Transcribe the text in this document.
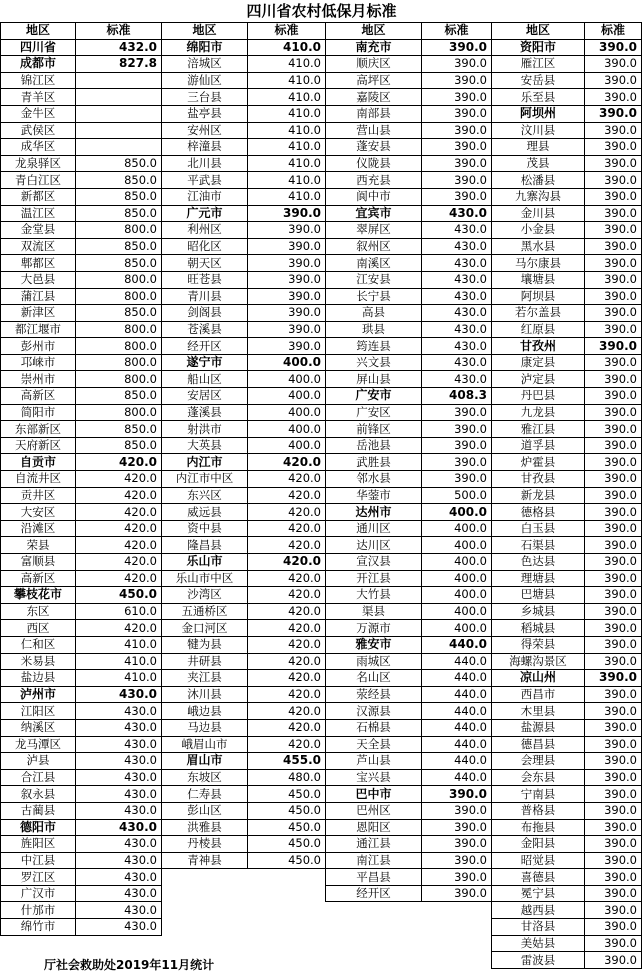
四川省农村低保月标准
地区	标准	地区	标准	地区	标准	地区	标准
四川省	432.0	绵阳市	410.0	南充市	390.0	资阳市	390.0
成都市	827.8	涪城区	410.0	顺庆区	390.0	雁江区	390.0
锦江区		游仙区	410.0	高坪区	390.0	安岳县	390.0
青羊区		三台县	410.0	嘉陵区	390.0	乐至县	390.0
金牛区		盐亭县	410.0	南部县	390.0	阿坝州	390.0
武侯区		安州区	410.0	营山县	390.0	汶川县	390.0
成华区		梓潼县	410.0	蓬安县	390.0	理县	390.0
龙泉驿区	850.0	北川县	410.0	仪陇县	390.0	茂县	390.0
青白江区	850.0	平武县	410.0	西充县	390.0	松潘县	390.0
新都区	850.0	江油市	410.0	阆中市	390.0	九寨沟县	390.0
温江区	850.0	广元市	390.0	宜宾市	430.0	金川县	390.0
金堂县	800.0	利州区	390.0	翠屏区	430.0	小金县	390.0
双流区	850.0	昭化区	390.0	叙州区	430.0	黑水县	390.0
郫都区	850.0	朝天区	390.0	南溪区	430.0	马尔康县	390.0
大邑县	800.0	旺苍县	390.0	江安县	430.0	壤塘县	390.0
蒲江县	800.0	青川县	390.0	长宁县	430.0	阿坝县	390.0
新津区	850.0	剑阁县	390.0	高县	430.0	若尔盖县	390.0
都江堰市	800.0	苍溪县	390.0	珙县	430.0	红原县	390.0
彭州市	800.0	经开区	390.0	筠连县	430.0	甘孜州	390.0
邛崃市	800.0	遂宁市	400.0	兴文县	430.0	康定县	390.0
崇州市	800.0	船山区	400.0	屏山县	430.0	泸定县	390.0
高新区	850.0	安居区	400.0	广安市	408.3	丹巴县	390.0
简阳市	800.0	蓬溪县	400.0	广安区	390.0	九龙县	390.0
东部新区	850.0	射洪市	400.0	前锋区	390.0	雅江县	390.0
天府新区	850.0	大英县	400.0	岳池县	390.0	道孚县	390.0
自贡市	420.0	内江市	420.0	武胜县	390.0	炉霍县	390.0
自流井区	420.0	内江市中区	420.0	邻水县	390.0	甘孜县	390.0
贡井区	420.0	东兴区	420.0	华蓥市	500.0	新龙县	390.0
大安区	420.0	威远县	420.0	达州市	400.0	德格县	390.0
沿滩区	420.0	资中县	420.0	通川区	400.0	白玉县	390.0
荣县	420.0	隆昌县	420.0	达川区	400.0	石渠县	390.0
富顺县	420.0	乐山市	420.0	宣汉县	400.0	色达县	390.0
高新区	420.0	乐山市中区	420.0	开江县	400.0	理塘县	390.0
攀枝花市	450.0	沙湾区	420.0	大竹县	400.0	巴塘县	390.0
东区	610.0	五通桥区	420.0	渠县	400.0	乡城县	390.0
西区	420.0	金口河区	420.0	万源市	400.0	稻城县	390.0
仁和区	410.0	犍为县	420.0	雅安市	440.0	得荣县	390.0
米易县	410.0	井研县	420.0	雨城区	440.0	海螺沟景区	390.0
盐边县	410.0	夹江县	420.0	名山区	440.0	凉山州	390.0
泸州市	430.0	沐川县	420.0	荥经县	440.0	西昌市	390.0
江阳区	430.0	峨边县	420.0	汉源县	440.0	木里县	390.0
纳溪区	430.0	马边县	420.0	石棉县	440.0	盐源县	390.0
龙马潭区	430.0	峨眉山市	420.0	天全县	440.0	德昌县	390.0
泸县	430.0	眉山市	455.0	芦山县	440.0	会理县	390.0
合江县	430.0	东坡区	480.0	宝兴县	440.0	会东县	390.0
叙永县	430.0	仁寿县	450.0	巴中市	390.0	宁南县	390.0
古蔺县	430.0	彭山区	450.0	巴州区	390.0	普格县	390.0
德阳市	430.0	洪雅县	450.0	恩阳区	390.0	布拖县	390.0
旌阳区	430.0	丹棱县	450.0	通江县	390.0	金阳县	390.0
中江县	430.0	青神县	450.0	南江县	390.0	昭觉县	390.0
罗江区	430.0			平昌县	390.0	喜德县	390.0
广汉市	430.0			经开区	390.0	冕宁县	390.0
什邡市	430.0					越西县	390.0
绵竹市	430.0					甘洛县	390.0
						美姑县	390.0
						雷波县	390.0
厅社会救助处2019年11月统计
